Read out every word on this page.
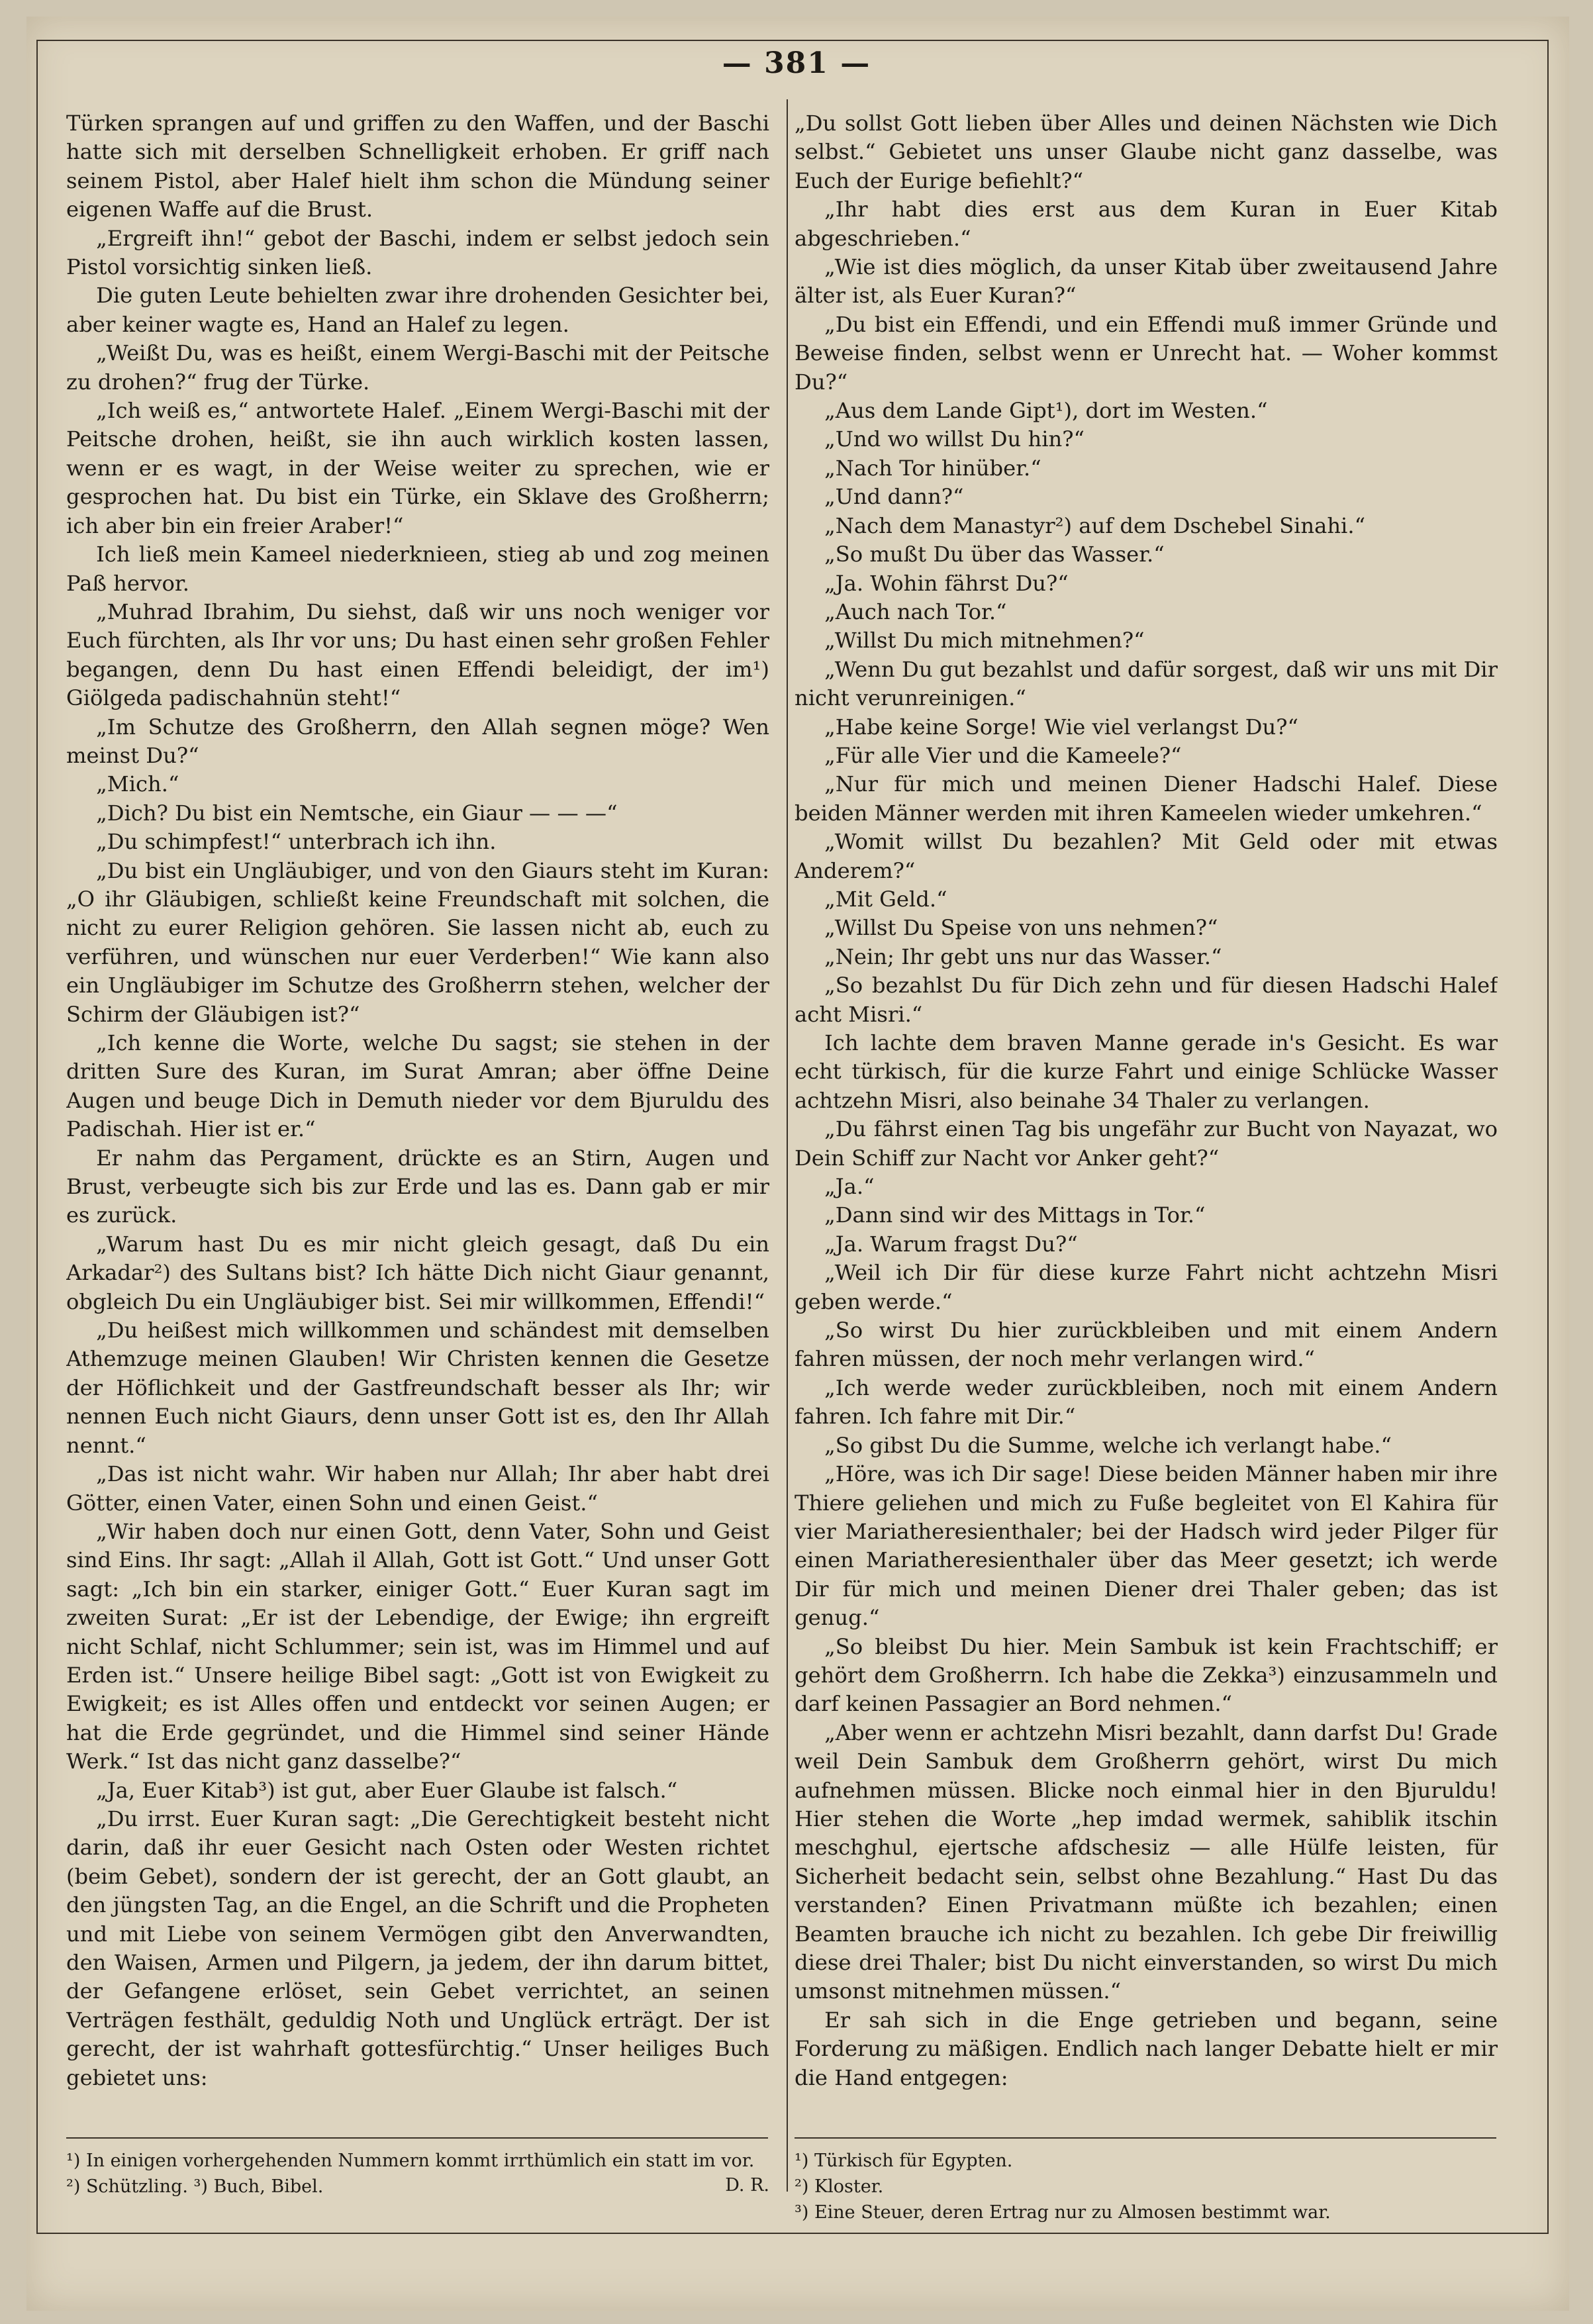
— 381 —

Türken sprangen auf und griffen zu den Waffen, und der Baschi hatte sich mit derselben Schnelligkeit erhoben. Er griff nach seinem Pistol, aber Halef hielt ihm schon die Mündung seiner eigenen Waffe auf die Brust.

„Ergreift ihn!“ gebot der Baschi, indem er selbst jedoch sein Pistol vorsichtig sinken ließ.

Die guten Leute behielten zwar ihre drohenden Gesichter bei, aber keiner wagte es, Hand an Halef zu legen.

„Weißt Du, was es heißt, einem Wergi-Baschi mit der Peitsche zu drohen?“ frug der Türke.

„Ich weiß es,“ antwortete Halef. „Einem Wergi-Baschi mit der Peitsche drohen, heißt, sie ihn auch wirklich kosten lassen, wenn er es wagt, in der Weise weiter zu sprechen, wie er gesprochen hat. Du bist ein Türke, ein Sklave des Großherrn; ich aber bin ein freier Araber!“

Ich ließ mein Kameel niederknieen, stieg ab und zog meinen Paß hervor.

„Muhrad Ibrahim, Du siehst, daß wir uns noch weniger vor Euch fürchten, als Ihr vor uns; Du hast einen sehr großen Fehler begangen, denn Du hast einen Effendi beleidigt, der im¹) Giölgeda padischahnün steht!“

„Im Schutze des Großherrn, den Allah segnen möge? Wen meinst Du?“

„Mich.“

„Dich? Du bist ein Nemtsche, ein Giaur — — —“

„Du schimpfest!“ unterbrach ich ihn.

„Du bist ein Ungläubiger, und von den Giaurs steht im Kuran: „O ihr Gläubigen, schließt keine Freundschaft mit solchen, die nicht zu eurer Religion gehören. Sie lassen nicht ab, euch zu verführen, und wünschen nur euer Verderben!“ Wie kann also ein Ungläubiger im Schutze des Großherrn stehen, welcher der Schirm der Gläubigen ist?“

„Ich kenne die Worte, welche Du sagst; sie stehen in der dritten Sure des Kuran, im Surat Amran; aber öffne Deine Augen und beuge Dich in Demuth nieder vor dem Bjuruldu des Padischah. Hier ist er.“

Er nahm das Pergament, drückte es an Stirn, Augen und Brust, verbeugte sich bis zur Erde und las es. Dann gab er mir es zurück.

„Warum hast Du es mir nicht gleich gesagt, daß Du ein Arkadar²) des Sultans bist? Ich hätte Dich nicht Giaur genannt, obgleich Du ein Ungläubiger bist. Sei mir willkommen, Effendi!“

„Du heißest mich willkommen und schändest mit demselben Athemzuge meinen Glauben! Wir Christen kennen die Gesetze der Höflichkeit und der Gastfreundschaft besser als Ihr; wir nennen Euch nicht Giaurs, denn unser Gott ist es, den Ihr Allah nennt.“

„Das ist nicht wahr. Wir haben nur Allah; Ihr aber habt drei Götter, einen Vater, einen Sohn und einen Geist.“

„Wir haben doch nur einen Gott, denn Vater, Sohn und Geist sind Eins. Ihr sagt: „Allah il Allah, Gott ist Gott.“ Und unser Gott sagt: „Ich bin ein starker, einiger Gott.“ Euer Kuran sagt im zweiten Surat: „Er ist der Lebendige, der Ewige; ihn ergreift nicht Schlaf, nicht Schlummer; sein ist, was im Himmel und auf Erden ist.“ Unsere heilige Bibel sagt: „Gott ist von Ewigkeit zu Ewigkeit; es ist Alles offen und entdeckt vor seinen Augen; er hat die Erde gegründet, und die Himmel sind seiner Hände Werk.“ Ist das nicht ganz dasselbe?“

„Ja, Euer Kitab³) ist gut, aber Euer Glaube ist falsch.“

„Du irrst. Euer Kuran sagt: „Die Gerechtigkeit besteht nicht darin, daß ihr euer Gesicht nach Osten oder Westen richtet (beim Gebet), sondern der ist gerecht, der an Gott glaubt, an den jüngsten Tag, an die Engel, an die Schrift und die Propheten und mit Liebe von seinem Vermögen gibt den Anverwandten, den Waisen, Armen und Pilgern, ja jedem, der ihn darum bittet, der Gefangene erlöset, sein Gebet verrichtet, an seinen Verträgen festhält, geduldig Noth und Unglück erträgt. Der ist gerecht, der ist wahrhaft gottesfürchtig.“ Unser heiliges Buch gebietet uns:

„Du sollst Gott lieben über Alles und deinen Nächsten wie Dich selbst.“ Gebietet uns unser Glaube nicht ganz dasselbe, was Euch der Eurige befiehlt?“

„Ihr habt dies erst aus dem Kuran in Euer Kitab abgeschrieben.“

„Wie ist dies möglich, da unser Kitab über zweitausend Jahre älter ist, als Euer Kuran?“

„Du bist ein Effendi, und ein Effendi muß immer Gründe und Beweise finden, selbst wenn er Unrecht hat. — Woher kommst Du?“

„Aus dem Lande Gipt¹), dort im Westen.“

„Und wo willst Du hin?“

„Nach Tor hinüber.“

„Und dann?“

„Nach dem Manastyr²) auf dem Dschebel Sinahi.“

„So mußt Du über das Wasser.“

„Ja. Wohin fährst Du?“

„Auch nach Tor.“

„Willst Du mich mitnehmen?“

„Wenn Du gut bezahlst und dafür sorgest, daß wir uns mit Dir nicht verunreinigen.“

„Habe keine Sorge! Wie viel verlangst Du?“

„Für alle Vier und die Kameele?“

„Nur für mich und meinen Diener Hadschi Halef. Diese beiden Männer werden mit ihren Kameelen wieder umkehren.“

„Womit willst Du bezahlen? Mit Geld oder mit etwas Anderem?“

„Mit Geld.“

„Willst Du Speise von uns nehmen?“

„Nein; Ihr gebt uns nur das Wasser.“

„So bezahlst Du für Dich zehn und für diesen Hadschi Halef acht Misri.“

Ich lachte dem braven Manne gerade in's Gesicht. Es war echt türkisch, für die kurze Fahrt und einige Schlücke Wasser achtzehn Misri, also beinahe 34 Thaler zu verlangen.

„Du fährst einen Tag bis ungefähr zur Bucht von Nayazat, wo Dein Schiff zur Nacht vor Anker geht?“

„Ja.“

„Dann sind wir des Mittags in Tor.“

„Ja. Warum fragst Du?“

„Weil ich Dir für diese kurze Fahrt nicht achtzehn Misri geben werde.“

„So wirst Du hier zurückbleiben und mit einem Andern fahren müssen, der noch mehr verlangen wird.“

„Ich werde weder zurückbleiben, noch mit einem Andern fahren. Ich fahre mit Dir.“

„So gibst Du die Summe, welche ich verlangt habe.“

„Höre, was ich Dir sage! Diese beiden Männer haben mir ihre Thiere geliehen und mich zu Fuße begleitet von El Kahira für vier Mariatheresienthaler; bei der Hadsch wird jeder Pilger für einen Mariatheresienthaler über das Meer gesetzt; ich werde Dir für mich und meinen Diener drei Thaler geben; das ist genug.“

„So bleibst Du hier. Mein Sambuk ist kein Frachtschiff; er gehört dem Großherrn. Ich habe die Zekka³) einzusammeln und darf keinen Passagier an Bord nehmen.“

„Aber wenn er achtzehn Misri bezahlt, dann darfst Du! Grade weil Dein Sambuk dem Großherrn gehört, wirst Du mich aufnehmen müssen. Blicke noch einmal hier in den Bjuruldu! Hier stehen die Worte „hep imdad wermek, sahiblik itschin meschghul, ejertsche afdschesiz — alle Hülfe leisten, für Sicherheit bedacht sein, selbst ohne Bezahlung.“ Hast Du das verstanden? Einen Privatmann müßte ich bezahlen; einen Beamten brauche ich nicht zu bezahlen. Ich gebe Dir freiwillig diese drei Thaler; bist Du nicht einverstanden, so wirst Du mich umsonst mitnehmen müssen.“

Er sah sich in die Enge getrieben und begann, seine Forderung zu mäßigen. Endlich nach langer Debatte hielt er mir die Hand entgegen:

¹) In einigen vorhergehenden Nummern kommt irrthümlich ein statt im vor.
D. R.
²) Schützling. ³) Buch, Bibel.
¹) Türkisch für Egypten.
²) Kloster.
³) Eine Steuer, deren Ertrag nur zu Almosen bestimmt war.
